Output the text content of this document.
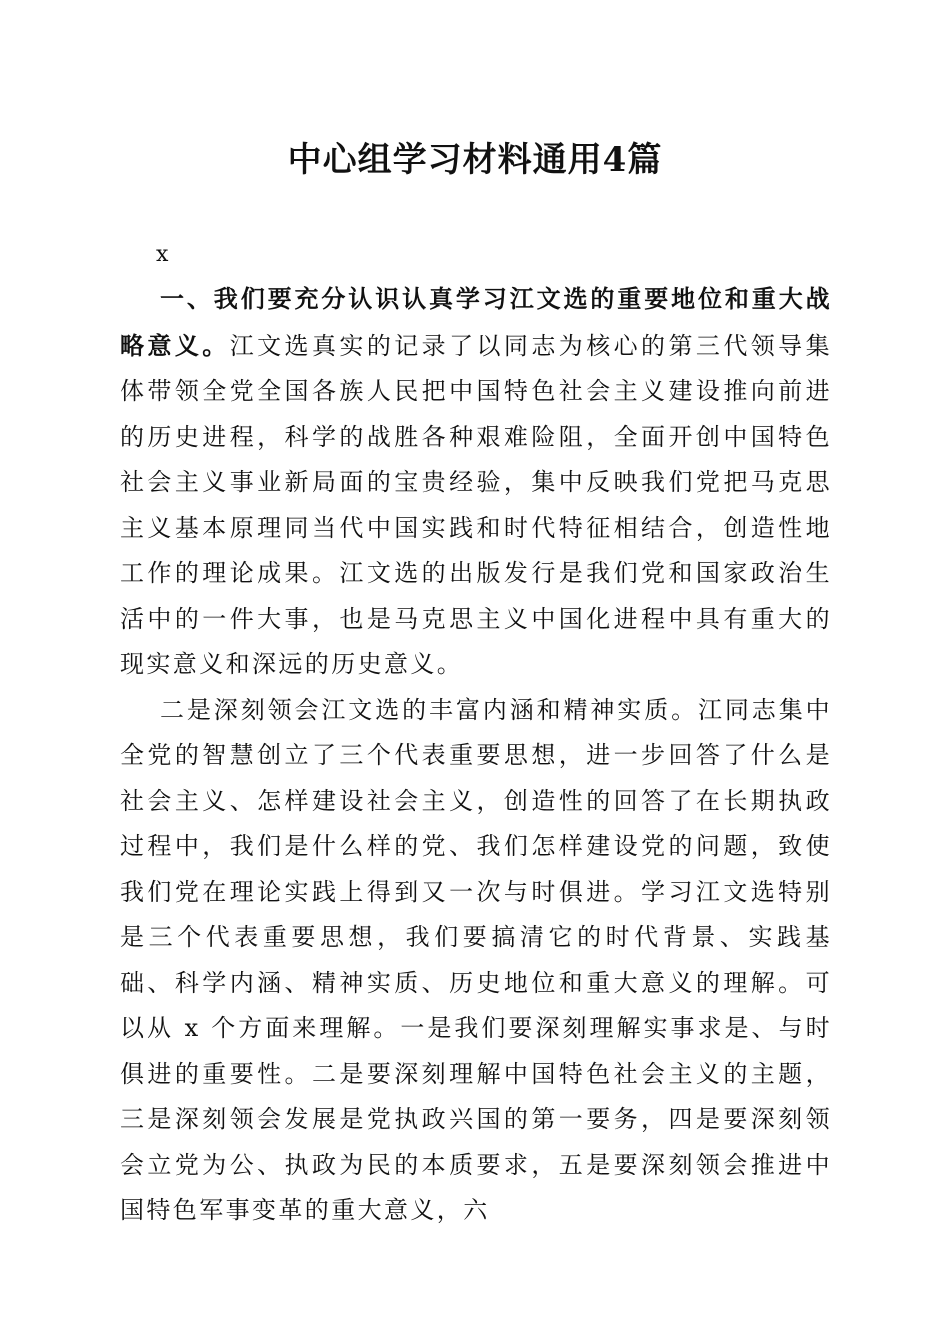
中心组学习材料通用4篇
x

一、我们要充分认识认真学习江文选的重要地位和重大战略意义。江文选真实的记录了以同志为核心的第三代领导集体带领全党全国各族人民把中国特色社会主义建设推向前进的历史进程，科学的战胜各种艰难险阻，全面开创中国特色社会主义事业新局面的宝贵经验，集中反映我们党把马克思主义基本原理同当代中国实践和时代特征相结合，创造性地工作的理论成果。江文选的出版发行是我们党和国家政治生活中的一件大事，也是马克思主义中国化进程中具有重大的现实意义和深远的历史意义。

二是深刻领会江文选的丰富内涵和精神实质。江同志集中全党的智慧创立了三个代表重要思想，进一步回答了什么是社会主义、怎样建设社会主义，创造性的回答了在长期执政过程中，我们是什么样的党、我们怎样建设党的问题，致使我们党在理论实践上得到又一次与时俱进。学习江文选特别是三个代表重要思想，我们要搞清它的时代背景、实践基础、科学内涵、精神实质、历史地位和重大意义的理解。可以从 x 个方面来理解。一是我们要深刻理解实事求是、与时俱进的重要性。二是要深刻理解中国特色社会主义的主题，三是深刻领会发展是党执政兴国的第一要务，四是要深刻领会立党为公、执政为民的本质要求，五是要深刻领会推进中国特色军事变革的重大意义，六
